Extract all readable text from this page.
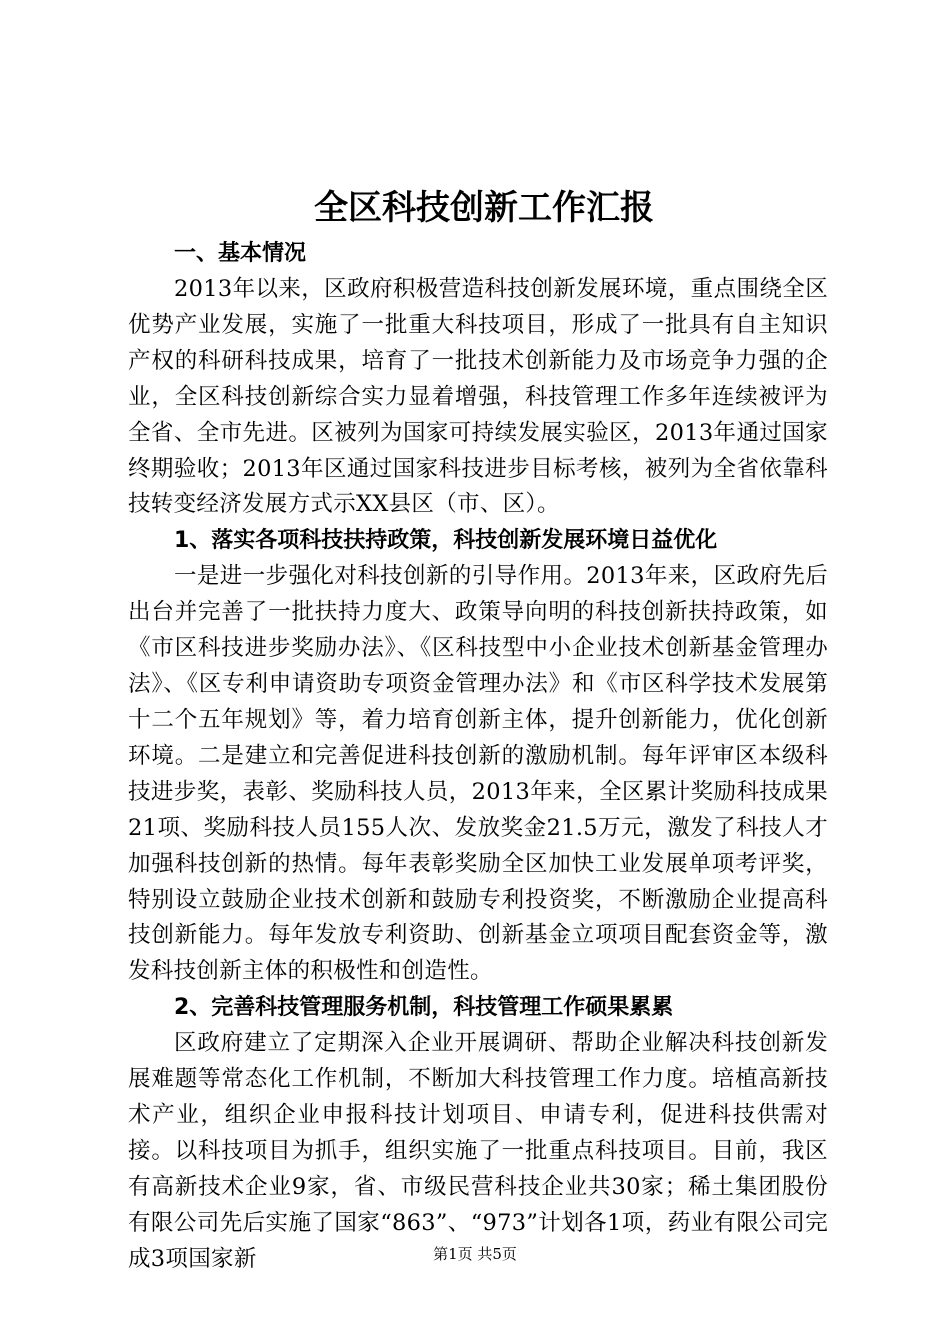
全区科技创新工作汇报
一、基本情况

2013年以来，区政府积极营造科技创新发展环境，重点围绕全区优势产业发展，实施了一批重大科技项目，形成了一批具有自主知识产权的科研科技成果，培育了一批技术创新能力及市场竞争力强的企业，全区科技创新综合实力显着增强，科技管理工作多年连续被评为全省、全市先进。区被列为国家可持续发展实验区，2013年通过国家终期验收；2013年区通过国家科技进步目标考核，被列为全省依靠科技转变经济发展方式示XX县区（市、区）。

1、落实各项科技扶持政策，科技创新发展环境日益优化

一是进一步强化对科技创新的引导作用。2013年来，区政府先后出台并完善了一批扶持力度大、政策导向明的科技创新扶持政策，如《市区科技进步奖励办法》、《区科技型中小企业技术创新基金管理办法》、《区专利申请资助专项资金管理办法》和《市区科学技术发展第十二个五年规划》等，着力培育创新主体，提升创新能力，优化创新环境。二是建立和完善促进科技创新的激励机制。每年评审区本级科技进步奖，表彰、奖励科技人员，2013年来，全区累计奖励科技成果21项、奖励科技人员155人次、发放奖金21.5万元，激发了科技人才加强科技创新的热情。每年表彰奖励全区加快工业发展单项考评奖，特别设立鼓励企业技术创新和鼓励专利投资奖，不断激励企业提高科技创新能力。每年发放专利资助、创新基金立项项目配套资金等，激发科技创新主体的积极性和创造性。

2、完善科技管理服务机制，科技管理工作硕果累累

区政府建立了定期深入企业开展调研、帮助企业解决科技创新发展难题等常态化工作机制，不断加大科技管理工作力度。培植高新技术产业，组织企业申报科技计划项目、申请专利，促进科技供需对接。以科技项目为抓手，组织实施了一批重点科技项目。目前，我区有高新技术企业9家，省、市级民营科技企业共30家；稀土集团股份有限公司先后实施了国家“863”、“973”计划各1项，药业有限公司完成3项国家新	第1页 共5页
